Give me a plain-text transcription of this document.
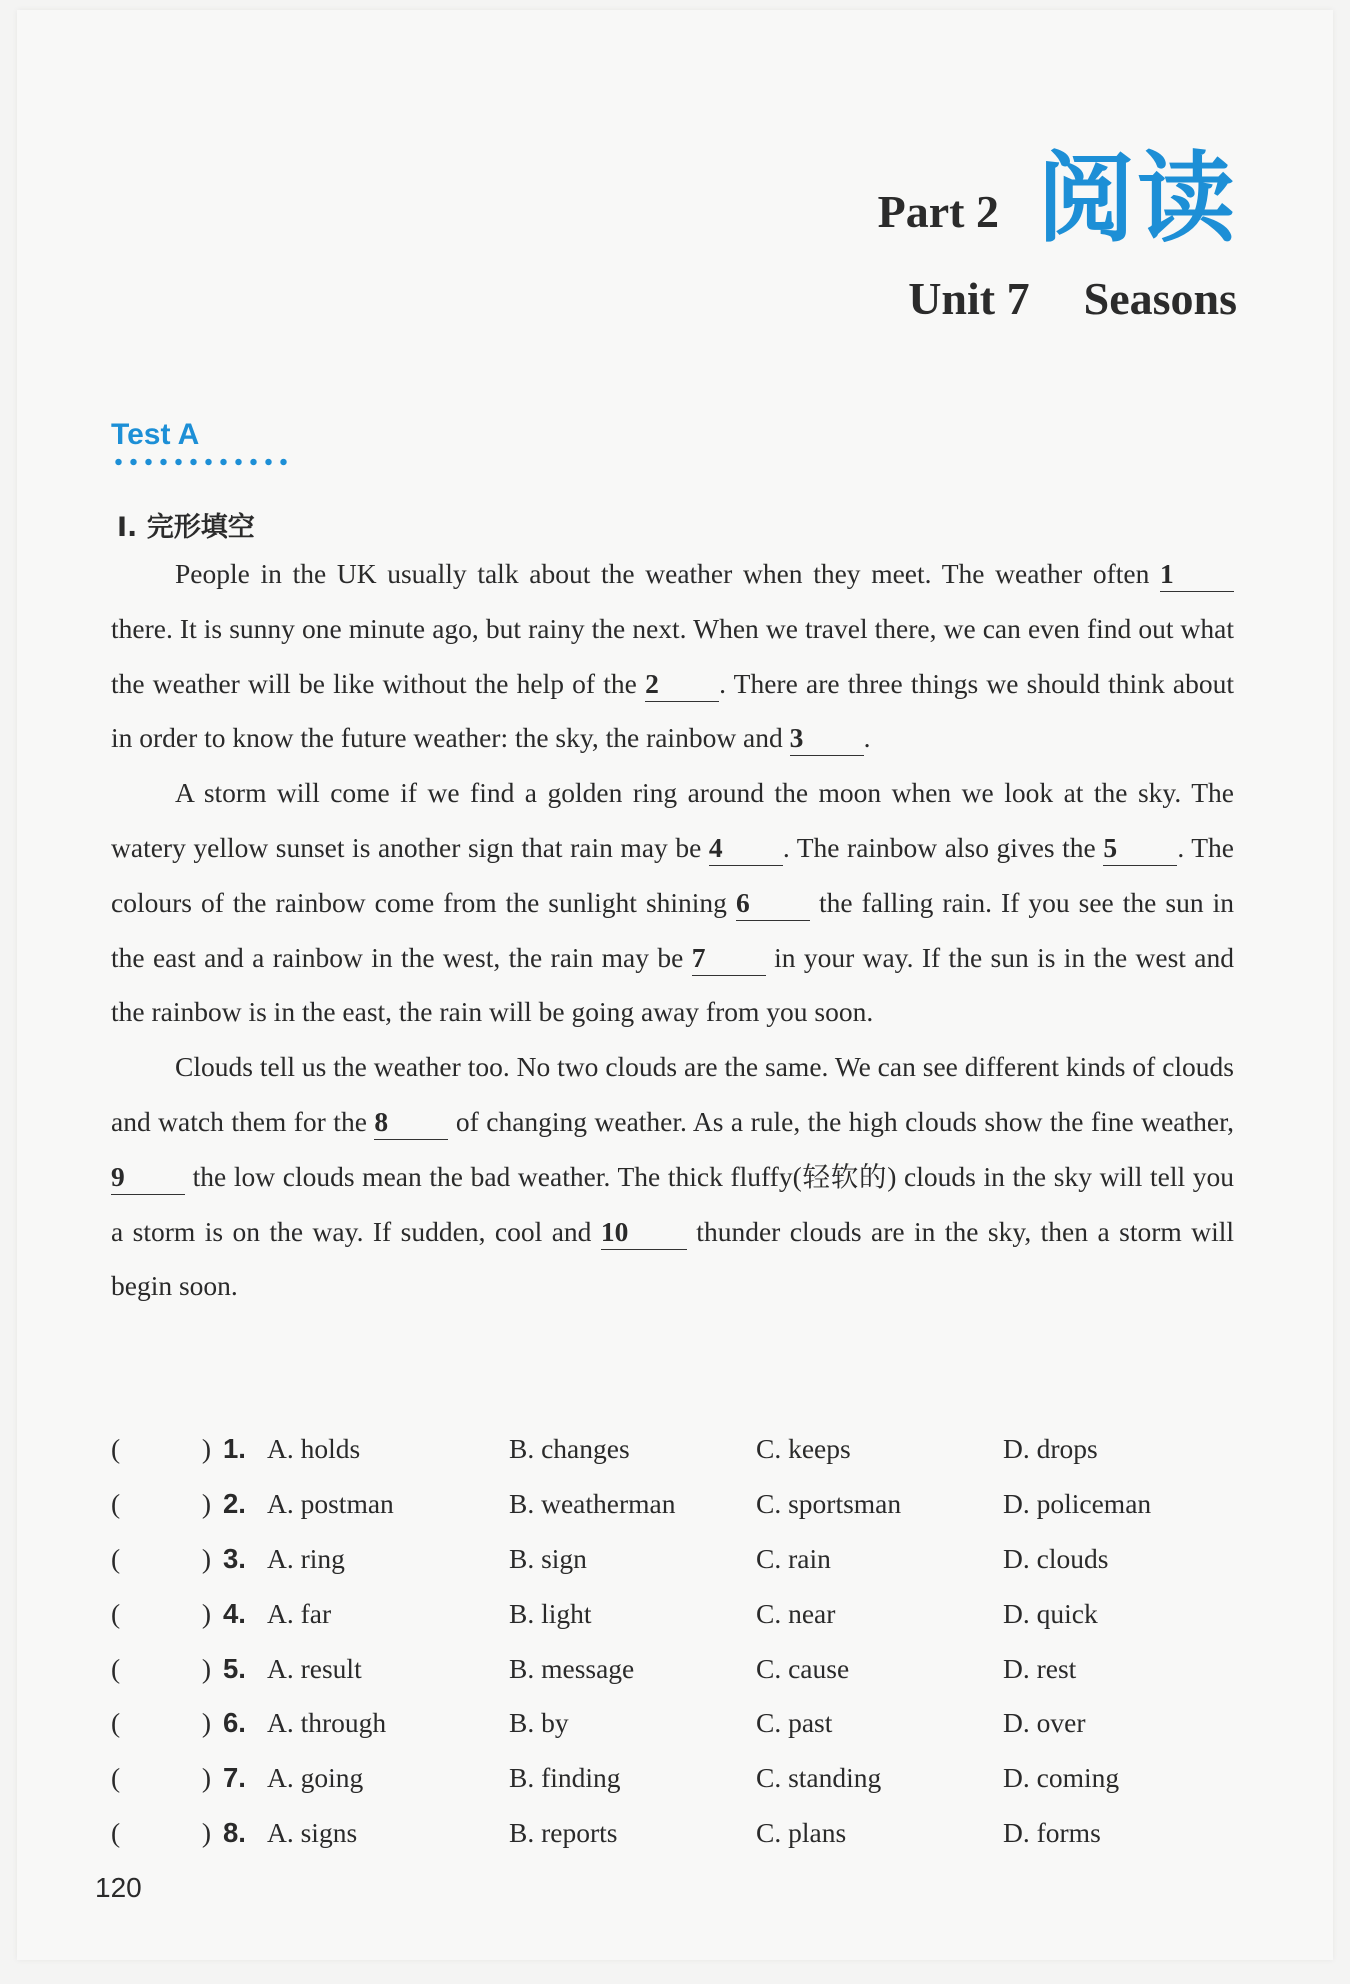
Part 2 阅读
Unit 7 Seasons
Test A
Ⅰ. 完形填空

People in the UK usually talk about the weather when they meet. The weather often 1 there. It is sunny one minute ago, but rainy the next. When we travel there, we can even find out what the weather will be like without the help of the 2 . There are three things we should think about in order to know the future weather: the sky, the rainbow and 3 .

A storm will come if we find a golden ring around the moon when we look at the sky. The watery yellow sunset is another sign that rain may be 4 . The rainbow also gives the 5 . The colours of the rainbow come from the sunlight shining 6 the falling rain. If you see the sun in the east and a rainbow in the west, the rain may be 7 in your way. If the sun is in the west and the rainbow is in the east, the rain will be going away from you soon.

Clouds tell us the weather too. No two clouds are the same. We can see different kinds of clouds and watch them for the 8 of changing weather. As a rule, the high clouds show the fine weather, 9 the low clouds mean the bad weather. The thick fluffy(轻软的) clouds in the sky will tell you a storm is on the way. If sudden, cool and 10 thunder clouds are in the sky, then a storm will begin soon.

(	) 1. A. holds	B. changes	C. keeps	D. drops
(	) 2. A. postman	B. weatherman	C. sportsman	D. policeman
(	) 3. A. ring	B. sign	C. rain	D. clouds
(	) 4. A. far	B. light	C. near	D. quick
(	) 5. A. result	B. message	C. cause	D. rest
(	) 6. A. through	B. by	C. past	D. over
(	) 7. A. going	B. finding	C. standing	D. coming
(	) 8. A. signs	B. reports	C. plans	D. forms
120
